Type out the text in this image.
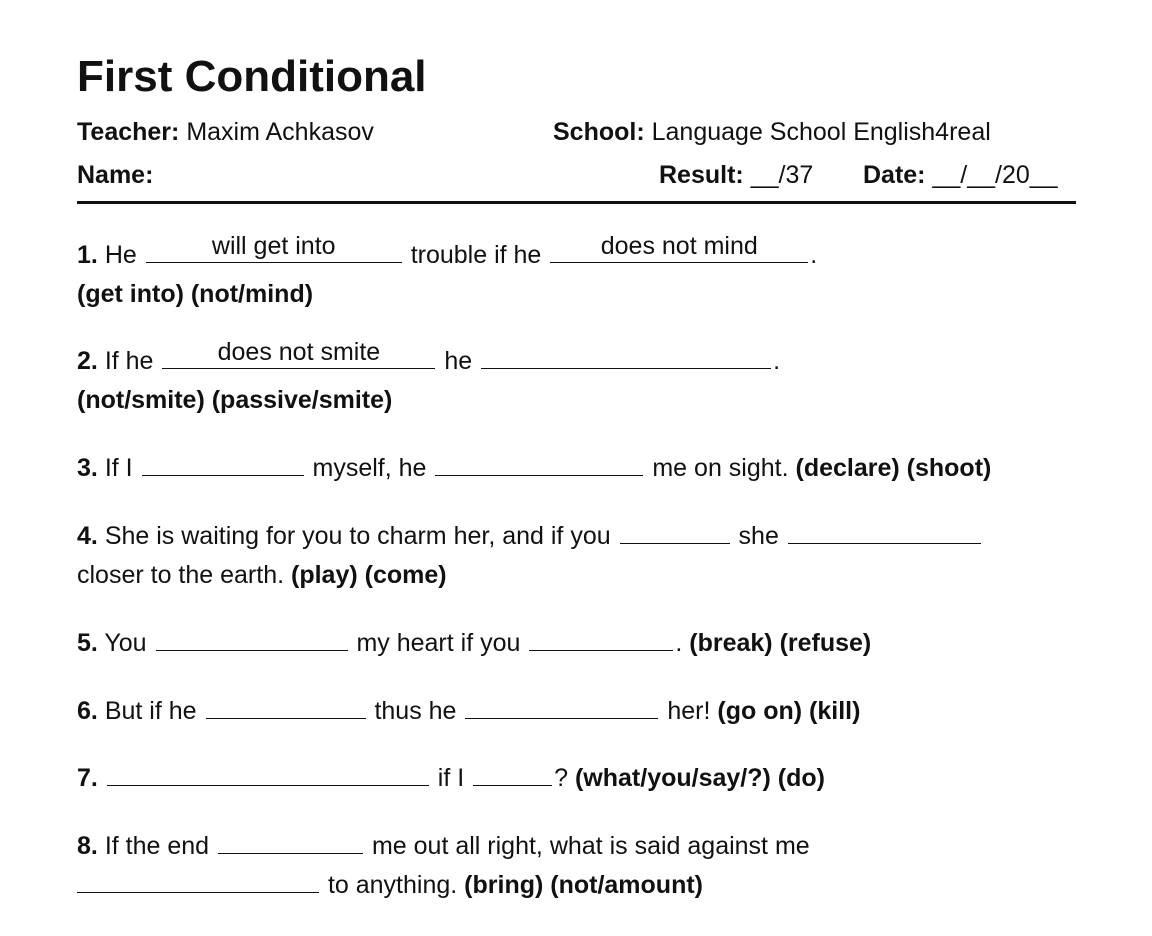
First Conditional
Teacher: Maxim Achkasov	School: Language School English4real
Name:	Result: __/37 Date: __/__/20__
1. He	will get into	trouble if he	does not mind	.
(get into) (not/mind)
2. If he	does not smite	he	.
(not/smite) (passive/smite)
3. If I	myself, he	me on sight. (declare) (shoot)
4. She is waiting for you to charm her, and if you	she
closer to the earth. (play) (come)
5. You	my heart if you	. (break) (refuse)
6. But if he	thus he	her! (go on) (kill)
7.	if I	? (what/you/say/?) (do)
8. If the end	me out all right, what is said against me
to anything. (bring) (not/amount)
